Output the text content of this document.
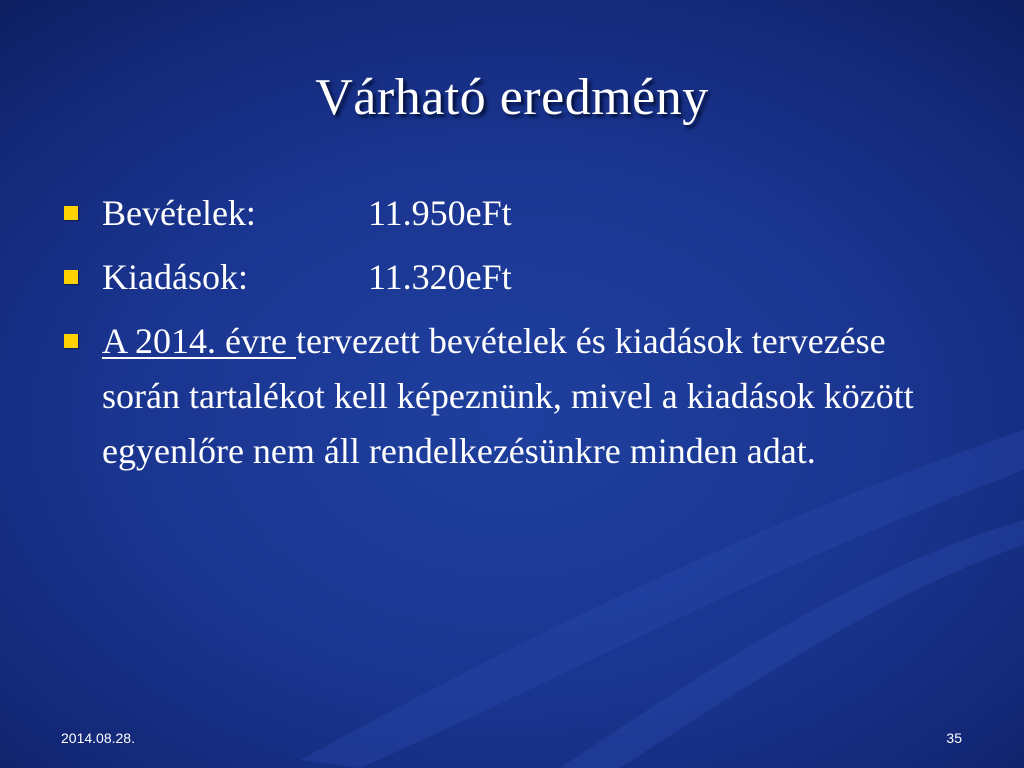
Várható eredmény
Bevételek:	11.950eFt
Kiadások:	11.320eFt
A 2014. évre tervezett bevételek és kiadások tervezése során tartalékot kell képeznünk, mivel a kiadások között egyenlőre nem áll rendelkezésünkre minden adat.
2014.08.28.	35
